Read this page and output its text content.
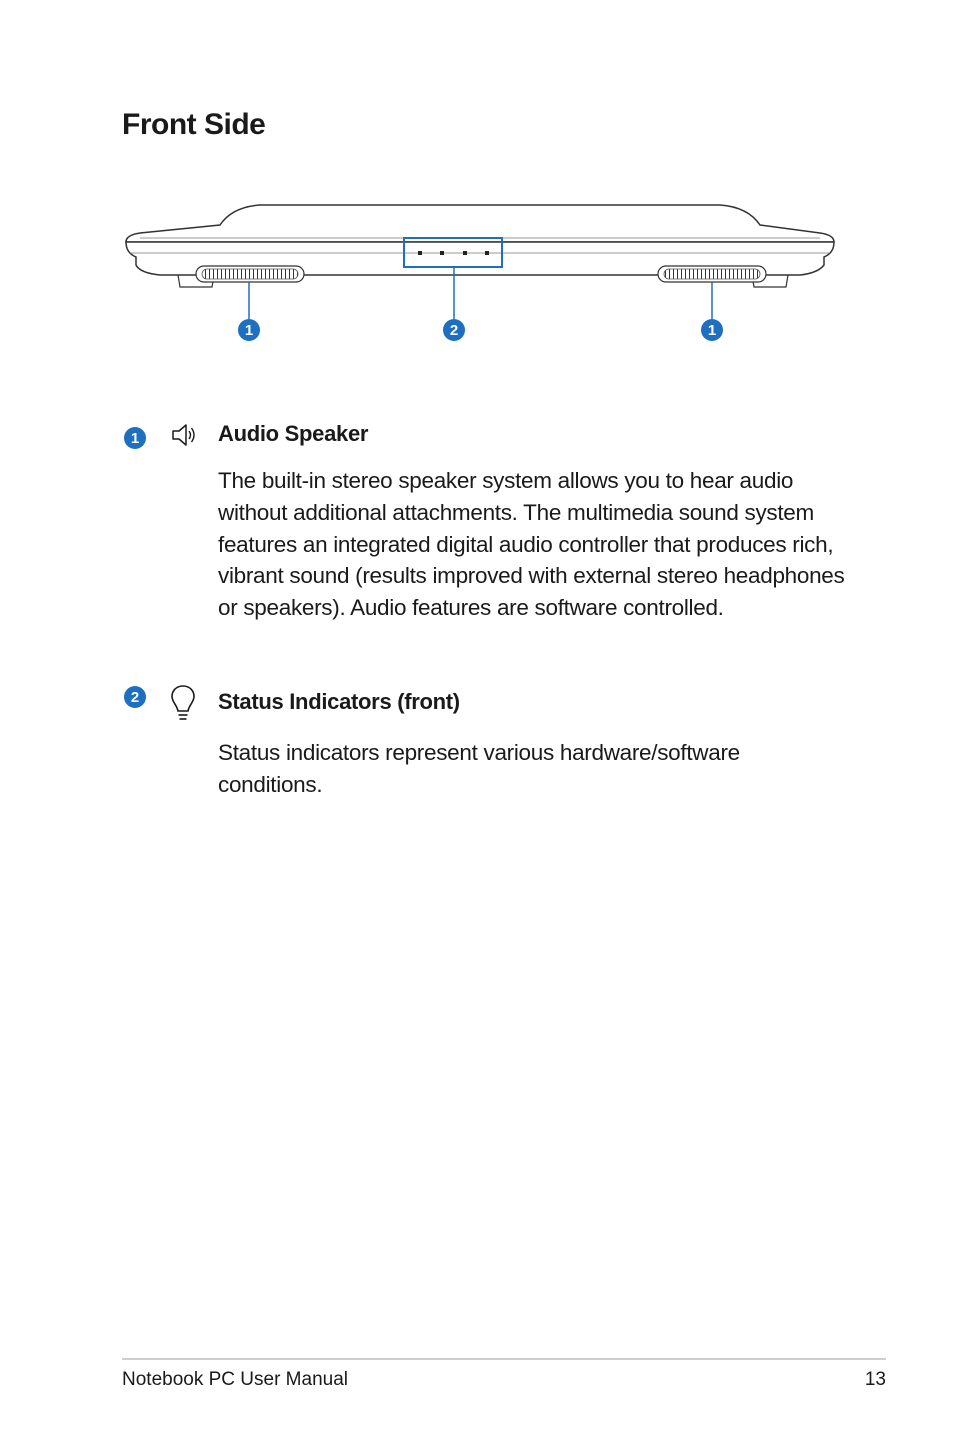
Front Side
1	2	1
1	Audio Speaker

The built-in stereo speaker system allows you to hear audio without additional attachments. The multimedia sound system features an integrated digital audio controller that produces rich, vibrant sound (results improved with external stereo headphones or speakers). Audio features are software controlled.

2	Status Indicators (front)

Status indicators represent various hardware/software conditions.

Notebook PC User Manual	13
